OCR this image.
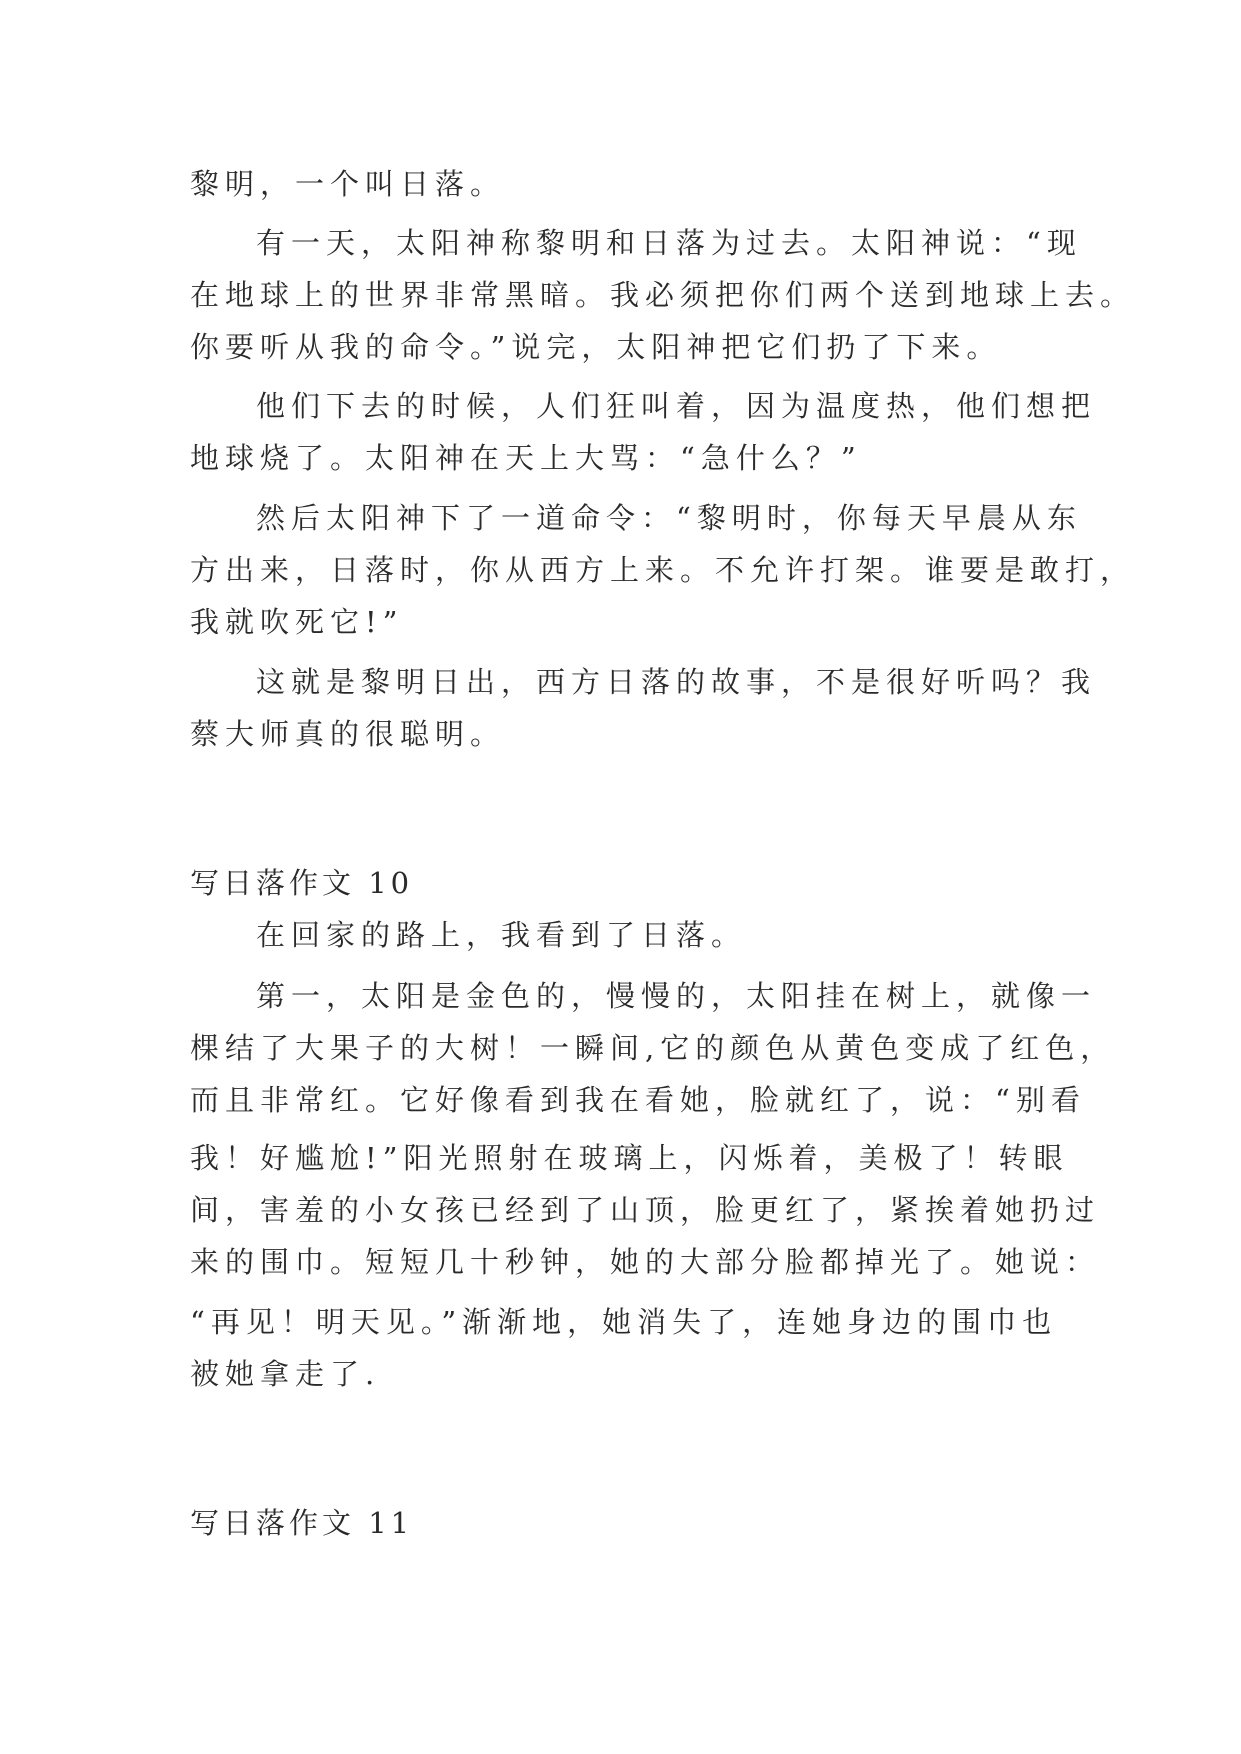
黎明，一个叫日落。
有一天，太阳神称黎明和日落为过去。太阳神说：“现
在地球上的世界非常黑暗。我必须把你们两个送到地球上去。
你要听从我的命令。”说完，太阳神把它们扔了下来。
他们下去的时候，人们狂叫着，因为温度热，他们想把
地球烧了。太阳神在天上大骂：“急什么？”
然后太阳神下了一道命令：“黎明时，你每天早晨从东
方出来，日落时，你从西方上来。不允许打架。谁要是敢打，
我就吹死它!”
这就是黎明日出，西方日落的故事，不是很好听吗？我
蔡大师真的很聪明。
写日落作文 10
在回家的路上，我看到了日落。
第一，太阳是金色的，慢慢的，太阳挂在树上，就像一
棵结了大果子的大树！一瞬间,它的颜色从黄色变成了红色，
而且非常红。它好像看到我在看她，脸就红了，说：“别看
我！好尴尬!”阳光照射在玻璃上，闪烁着，美极了！转眼
间，害羞的小女孩已经到了山顶，脸更红了，紧挨着她扔过
来的围巾。短短几十秒钟，她的大部分脸都掉光了。她说：
“再见！明天见。”渐渐地，她消失了，连她身边的围巾也
被她拿走了.
写日落作文 11
